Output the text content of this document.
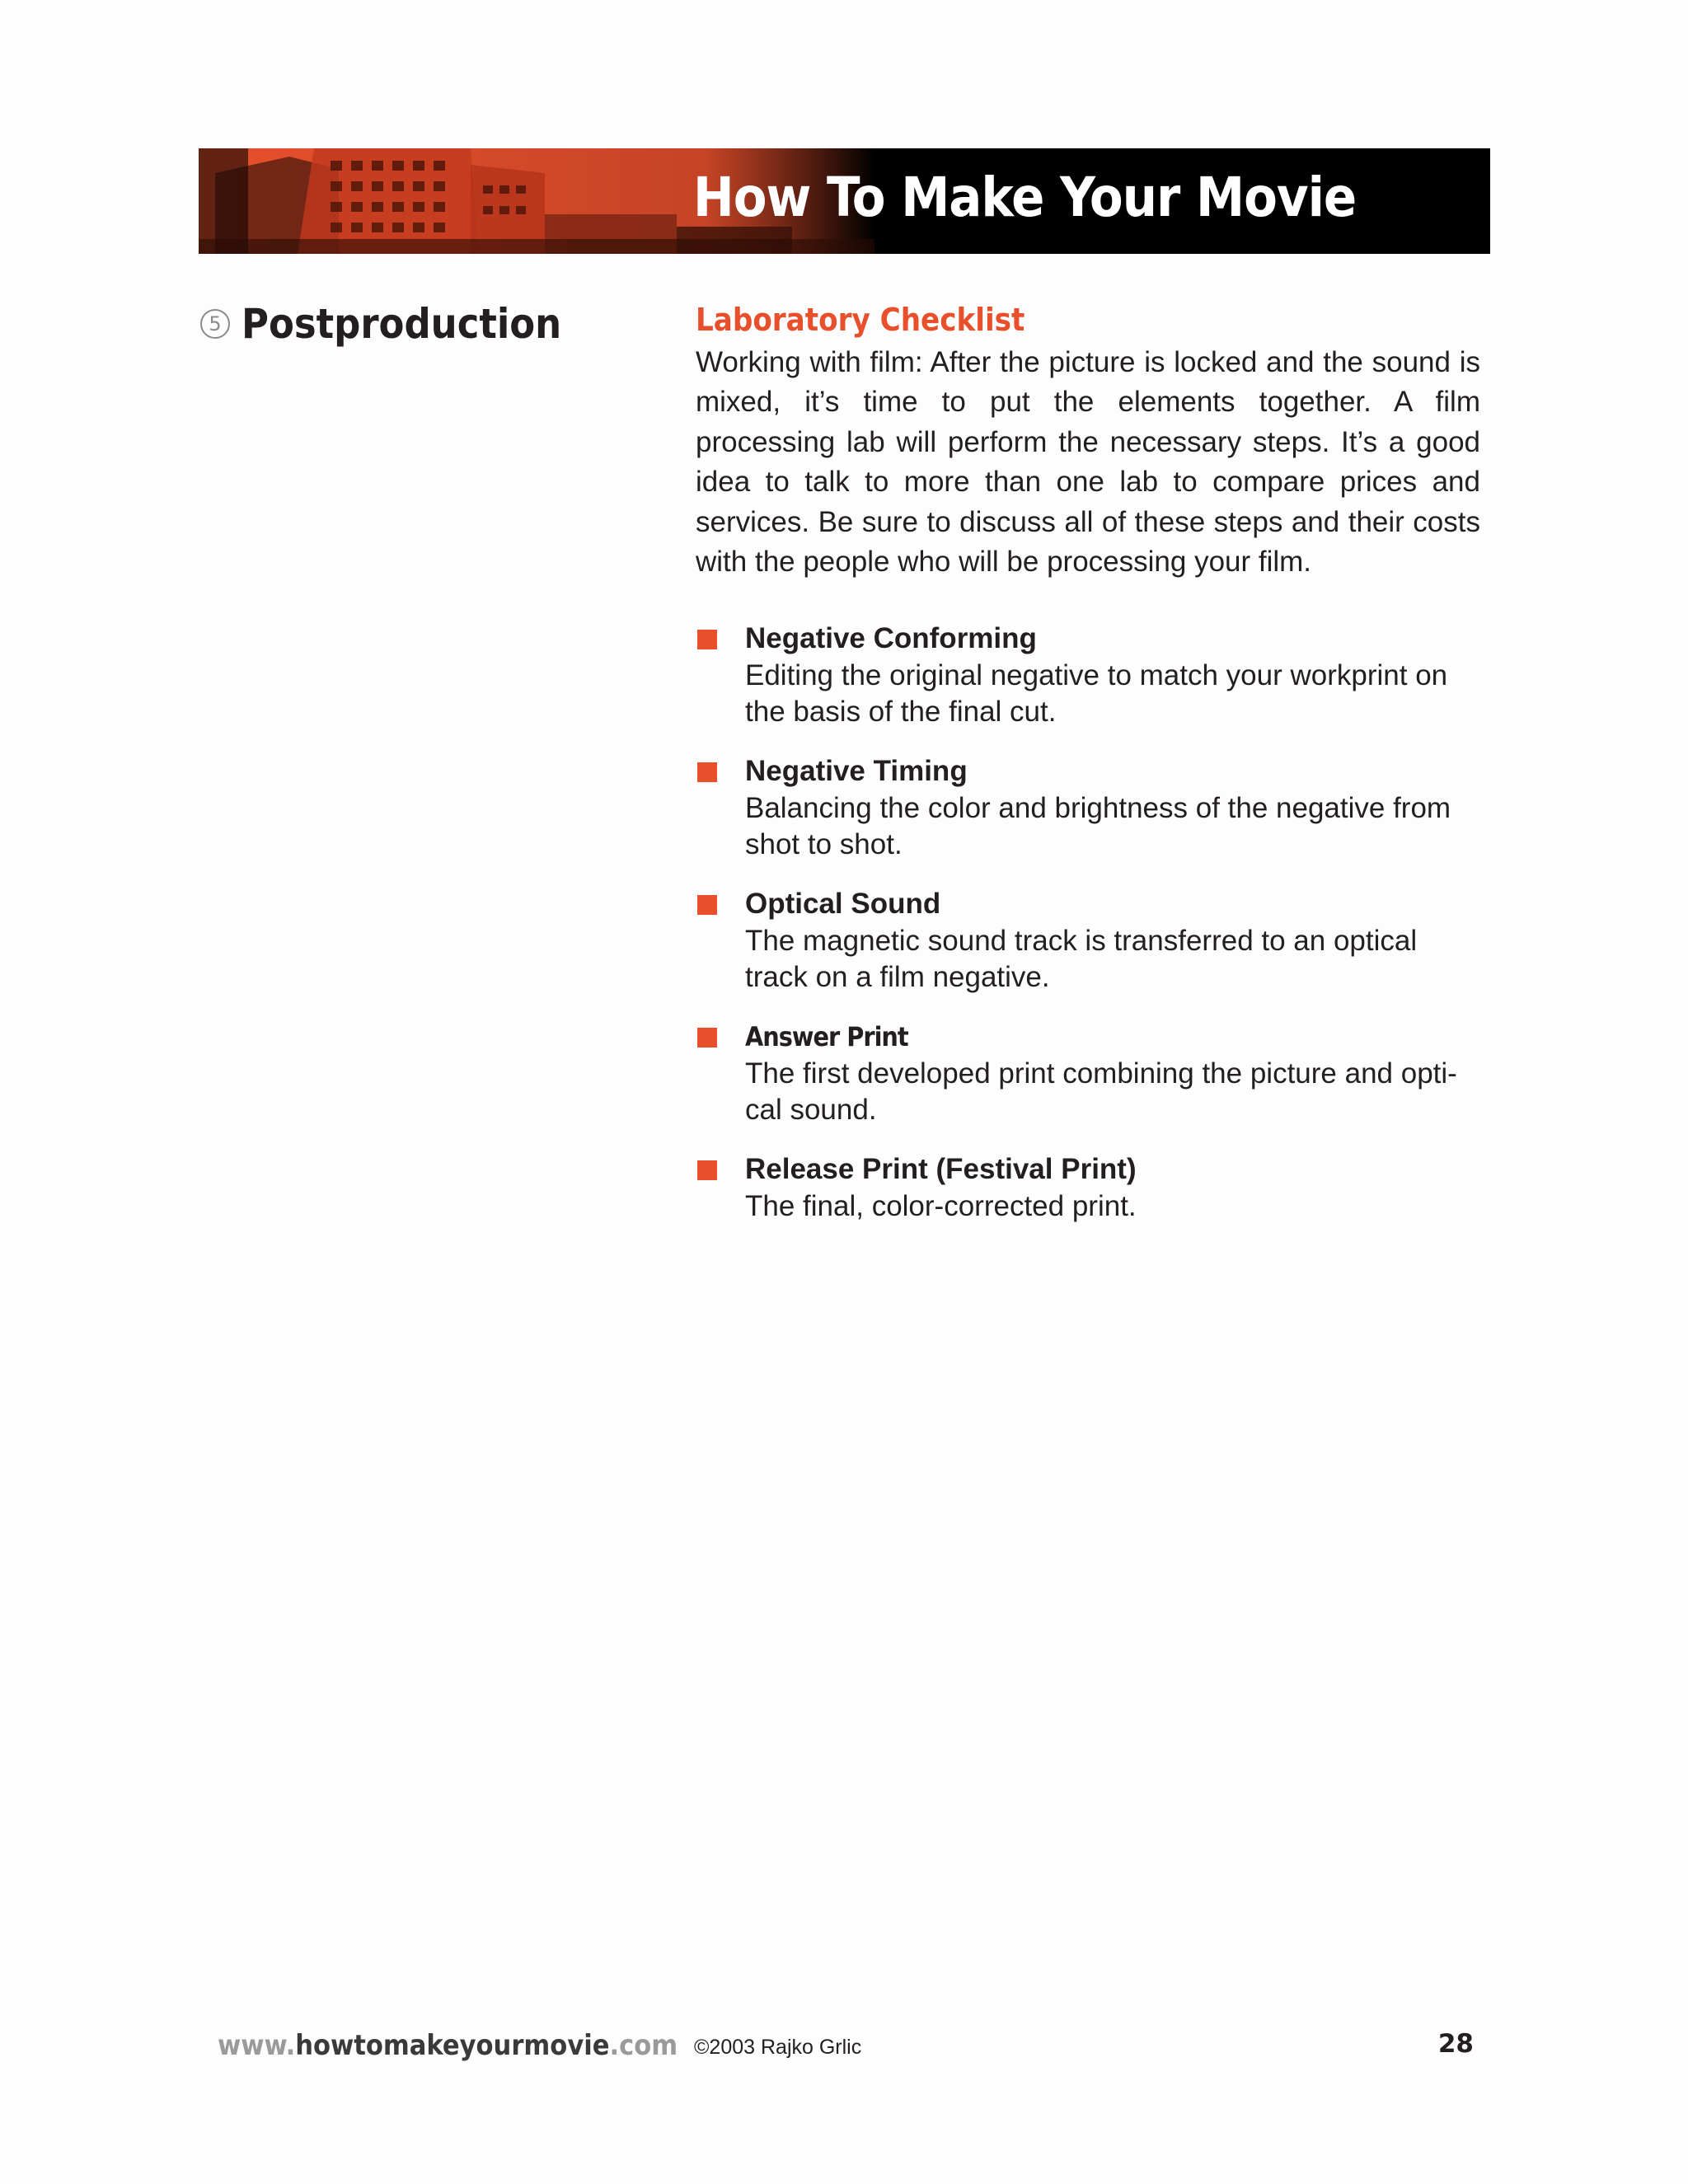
How To Make Your Movie
5 Postproduction	Laboratory Checklist

Working with film: After the picture is locked and the sound is mixed, it’s time to put the elements together. A film processing lab will perform the necessary steps. It’s a good idea to talk to more than one lab to compare prices and services. Be sure to discuss all of these steps and their costs with the people who will be processing your film.

Negative Conforming
Editing the original negative to match your workprint on the basis of the final cut.
Negative Timing
Balancing the color and brightness of the negative from shot to shot.
Optical Sound
The magnetic sound track is transferred to an optical track on a film negative.
Answer Print
The first developed print combining the picture and opti-cal sound.
Release Print (Festival Print)
The final, color-corrected print.
www.howtomakeyourmovie.com ©2003 Rajko Grlic	28
